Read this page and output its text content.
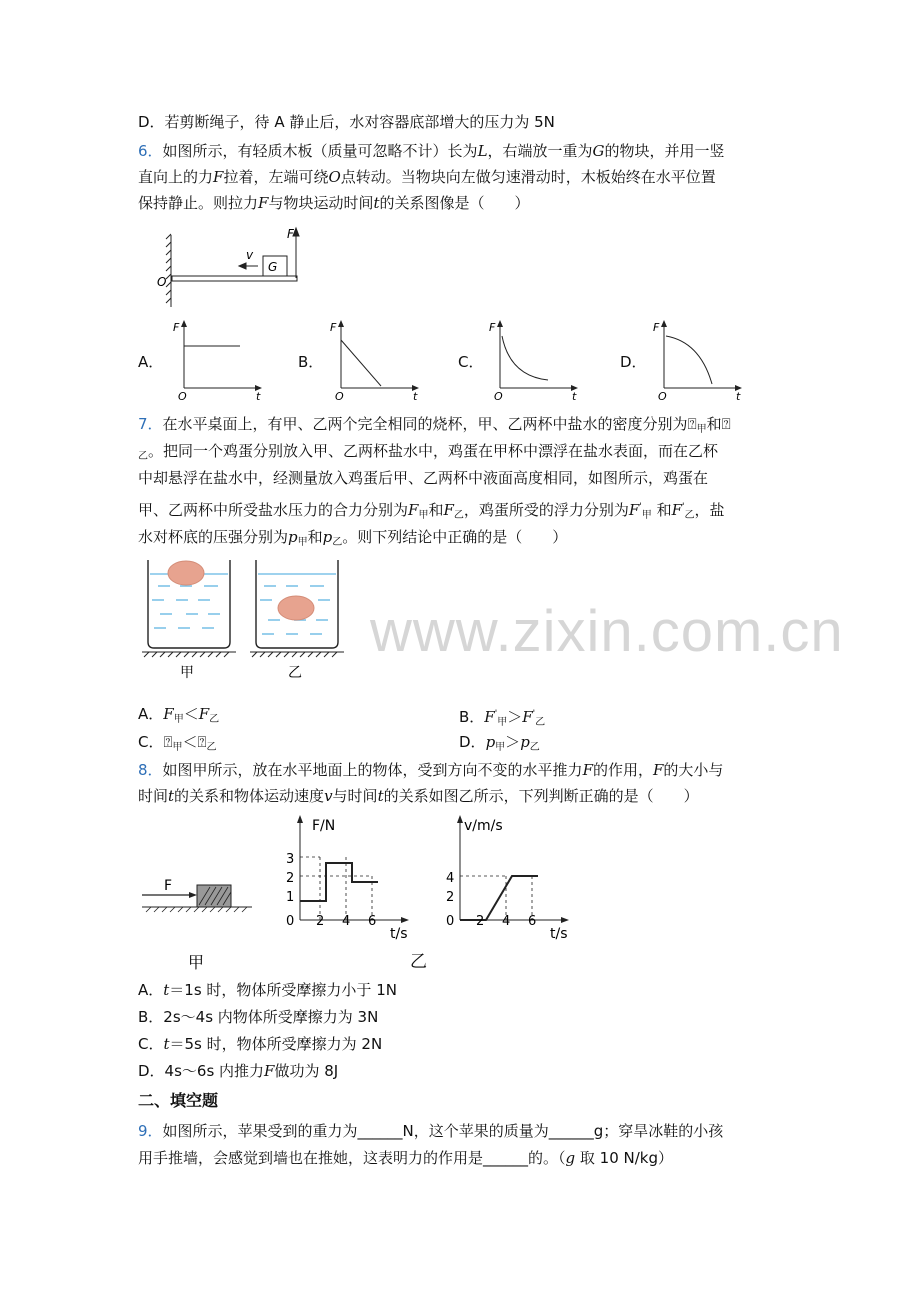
D．若剪断绳子，待 A 静止后，水对容器底部增大的压力为 5N
6．如图所示，有轻质木板（质量可忽略不计）长为L，右端放一重为G的物块，并用一竖
直向上的力F拉着，左端可绕O点转动。当物块向左做匀速滑动时，木板始终在水平位置
保持静止。则拉力F与物块运动时间t的关系图像是（　　）
G
v
F
O
A．
F
O	t
B．
F
O	t
C．
F
O	t
D．
F
O	t
7．在水平桌面上，有甲、乙两个完全相同的烧杯，甲、乙两杯中盐水的密度分别为$⍰_甲$和⍰
$_乙$。把同一个鸡蛋分别放入甲、乙两杯盐水中，鸡蛋在甲杯中漂浮在盐水表面，而在乙杯
中却悬浮在盐水中，经测量放入鸡蛋后甲、乙两杯中液面高度相同，如图所示，鸡蛋在
甲、乙两杯中所受盐水压力的合力分别为$F_甲$和$F_乙$，鸡蛋所受的浮力分别为$F'_甲$ 和$F'_乙$，盐
水对杯底的压强分别为$p_甲$和$p_乙$。则下列结论中正确的是（　　）
甲	乙
A．$F_甲<F_乙$	B．$F'_甲>F'_乙$
C．$⍰_甲<⍰_乙$	D．$p_甲>p_乙$
8．如图甲所示，放在水平地面上的物体，受到方向不变的水平推力F的作用，F的大小与
时间t的关系和物体运动速度v与时间t的关系如图乙所示，下列判断正确的是（　　）
F
甲
F/N
t/s
0 2 4 6
1
2
3
v/m/s
t/s
0 2 4 6
2
4
乙
A．t＝1s 时，物体所受摩擦力小于 1N
B．2s～4s 内物体所受摩擦力为 3N
C．t＝5s 时，物体所受摩擦力为 2N
D．4s～6s 内推力F做功为 8J
二、填空题
9．如图所示，苹果受到的重力为______N，这个苹果的质量为______g；穿旱冰鞋的小孩
用手推墙，会感觉到墙也在推她，这表明力的作用是______的。（g 取 10 N/kg）
www.zixin.com.cn
